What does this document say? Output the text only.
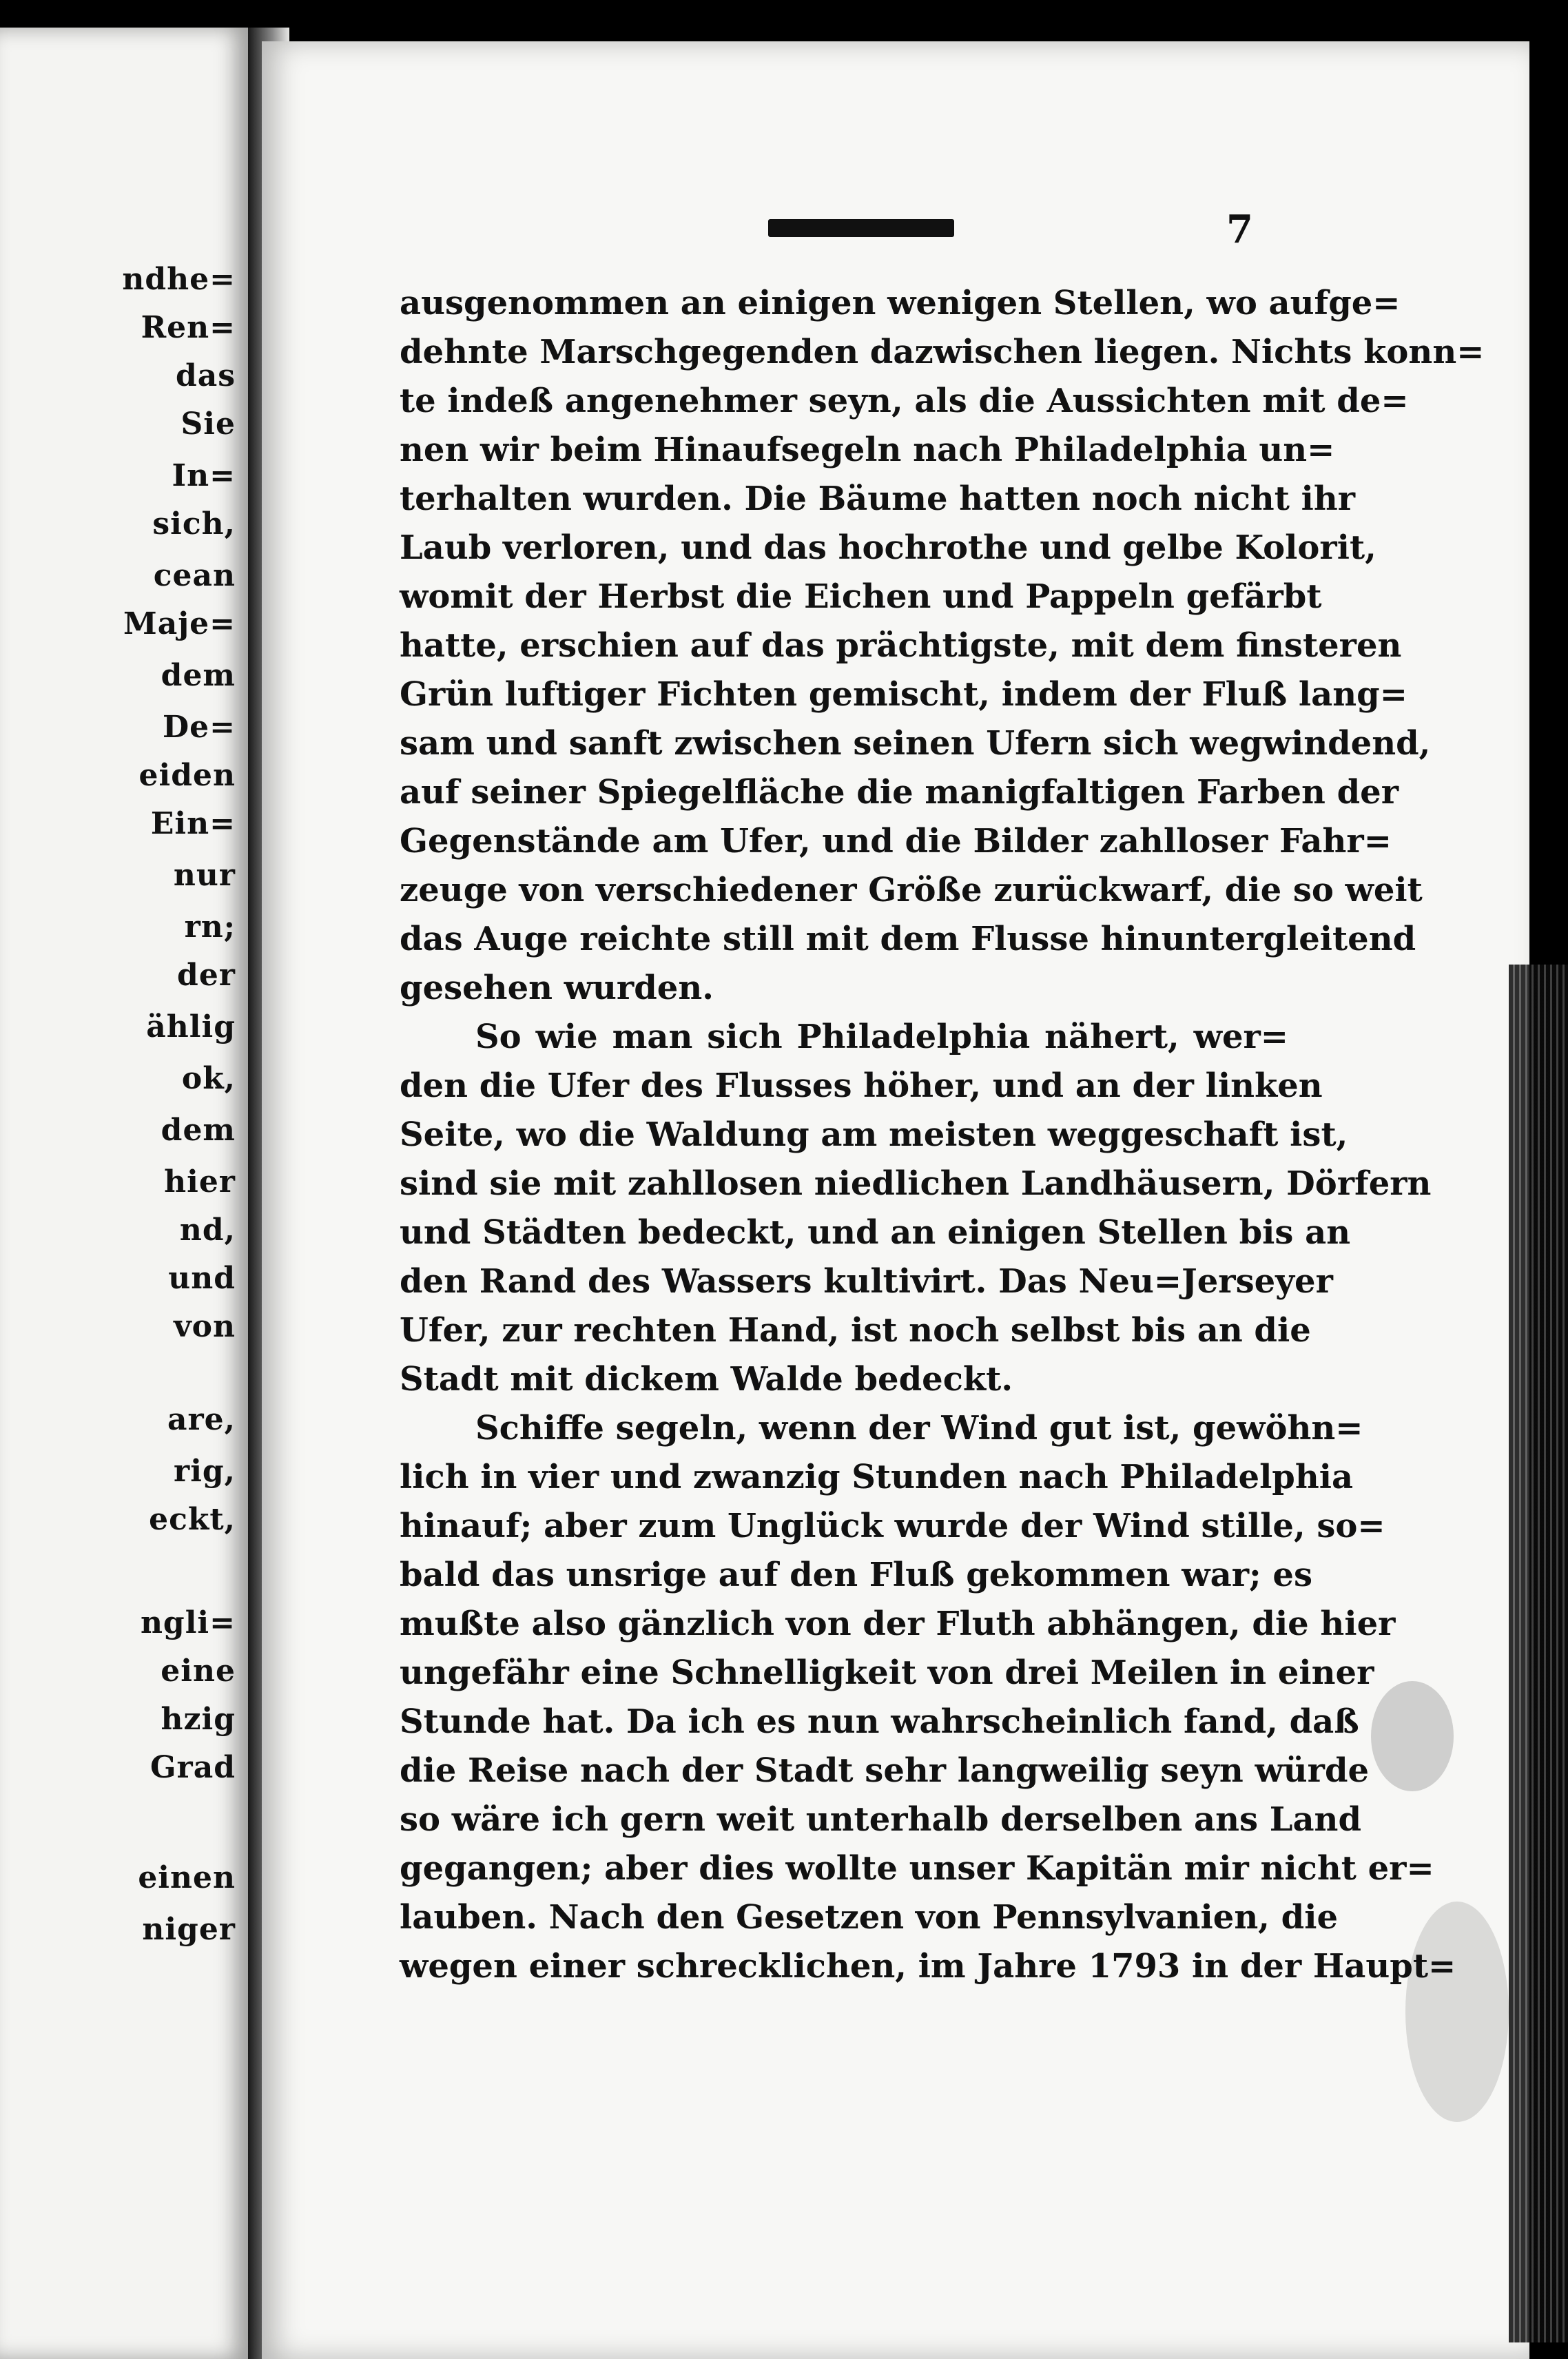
ndhe=
Ren=
das
Sie
In=
sich,
cean
Maje=
dem
De=
eiden
Ein=
nur
rn;
der
ählig
ok,
dem
hier
nd,
und
von
are,
rig,
eckt,
ngli=
eine
hzig
Grad
einen
niger
7
ausgenommen an einigen wenigen Stellen, wo aufge=
dehnte Marschgegenden dazwischen liegen. Nichts konn=
te indeß angenehmer seyn, als die Aussichten mit de=
nen wir beim Hinaufsegeln nach Philadelphia un=
terhalten wurden. Die Bäume hatten noch nicht ihr
Laub verloren, und das hochrothe und gelbe Kolorit,
womit der Herbst die Eichen und Pappeln gefärbt
hatte, erschien auf das prächtigste, mit dem finsteren
Grün luftiger Fichten gemischt, indem der Fluß lang=
sam und sanft zwischen seinen Ufern sich wegwindend,
auf seiner Spiegelfläche die manigfaltigen Farben der
Gegenstände am Ufer, und die Bilder zahlloser Fahr=
zeuge von verschiedener Größe zurückwarf, die so weit
das Auge reichte still mit dem Flusse hinuntergleitend
gesehen wurden.
So wie man sich Philadelphia nähert, wer=
den die Ufer des Flusses höher, und an der linken
Seite, wo die Waldung am meisten weggeschaft ist,
sind sie mit zahllosen niedlichen Landhäusern, Dörfern
und Städten bedeckt, und an einigen Stellen bis an
den Rand des Wassers kultivirt. Das Neu=Jerseyer
Ufer, zur rechten Hand, ist noch selbst bis an die
Stadt mit dickem Walde bedeckt.
Schiffe segeln, wenn der Wind gut ist, gewöhn=
lich in vier und zwanzig Stunden nach Philadelphia
hinauf; aber zum Unglück wurde der Wind stille, so=
bald das unsrige auf den Fluß gekommen war; es
mußte also gänzlich von der Fluth abhängen, die hier
ungefähr eine Schnelligkeit von drei Meilen in einer
Stunde hat. Da ich es nun wahrscheinlich fand, daß
die Reise nach der Stadt sehr langweilig seyn würde
so wäre ich gern weit unterhalb derselben ans Land
gegangen; aber dies wollte unser Kapitän mir nicht er=
lauben. Nach den Gesetzen von Pennsylvanien, die
wegen einer schrecklichen, im Jahre 1793 in der Haupt=
